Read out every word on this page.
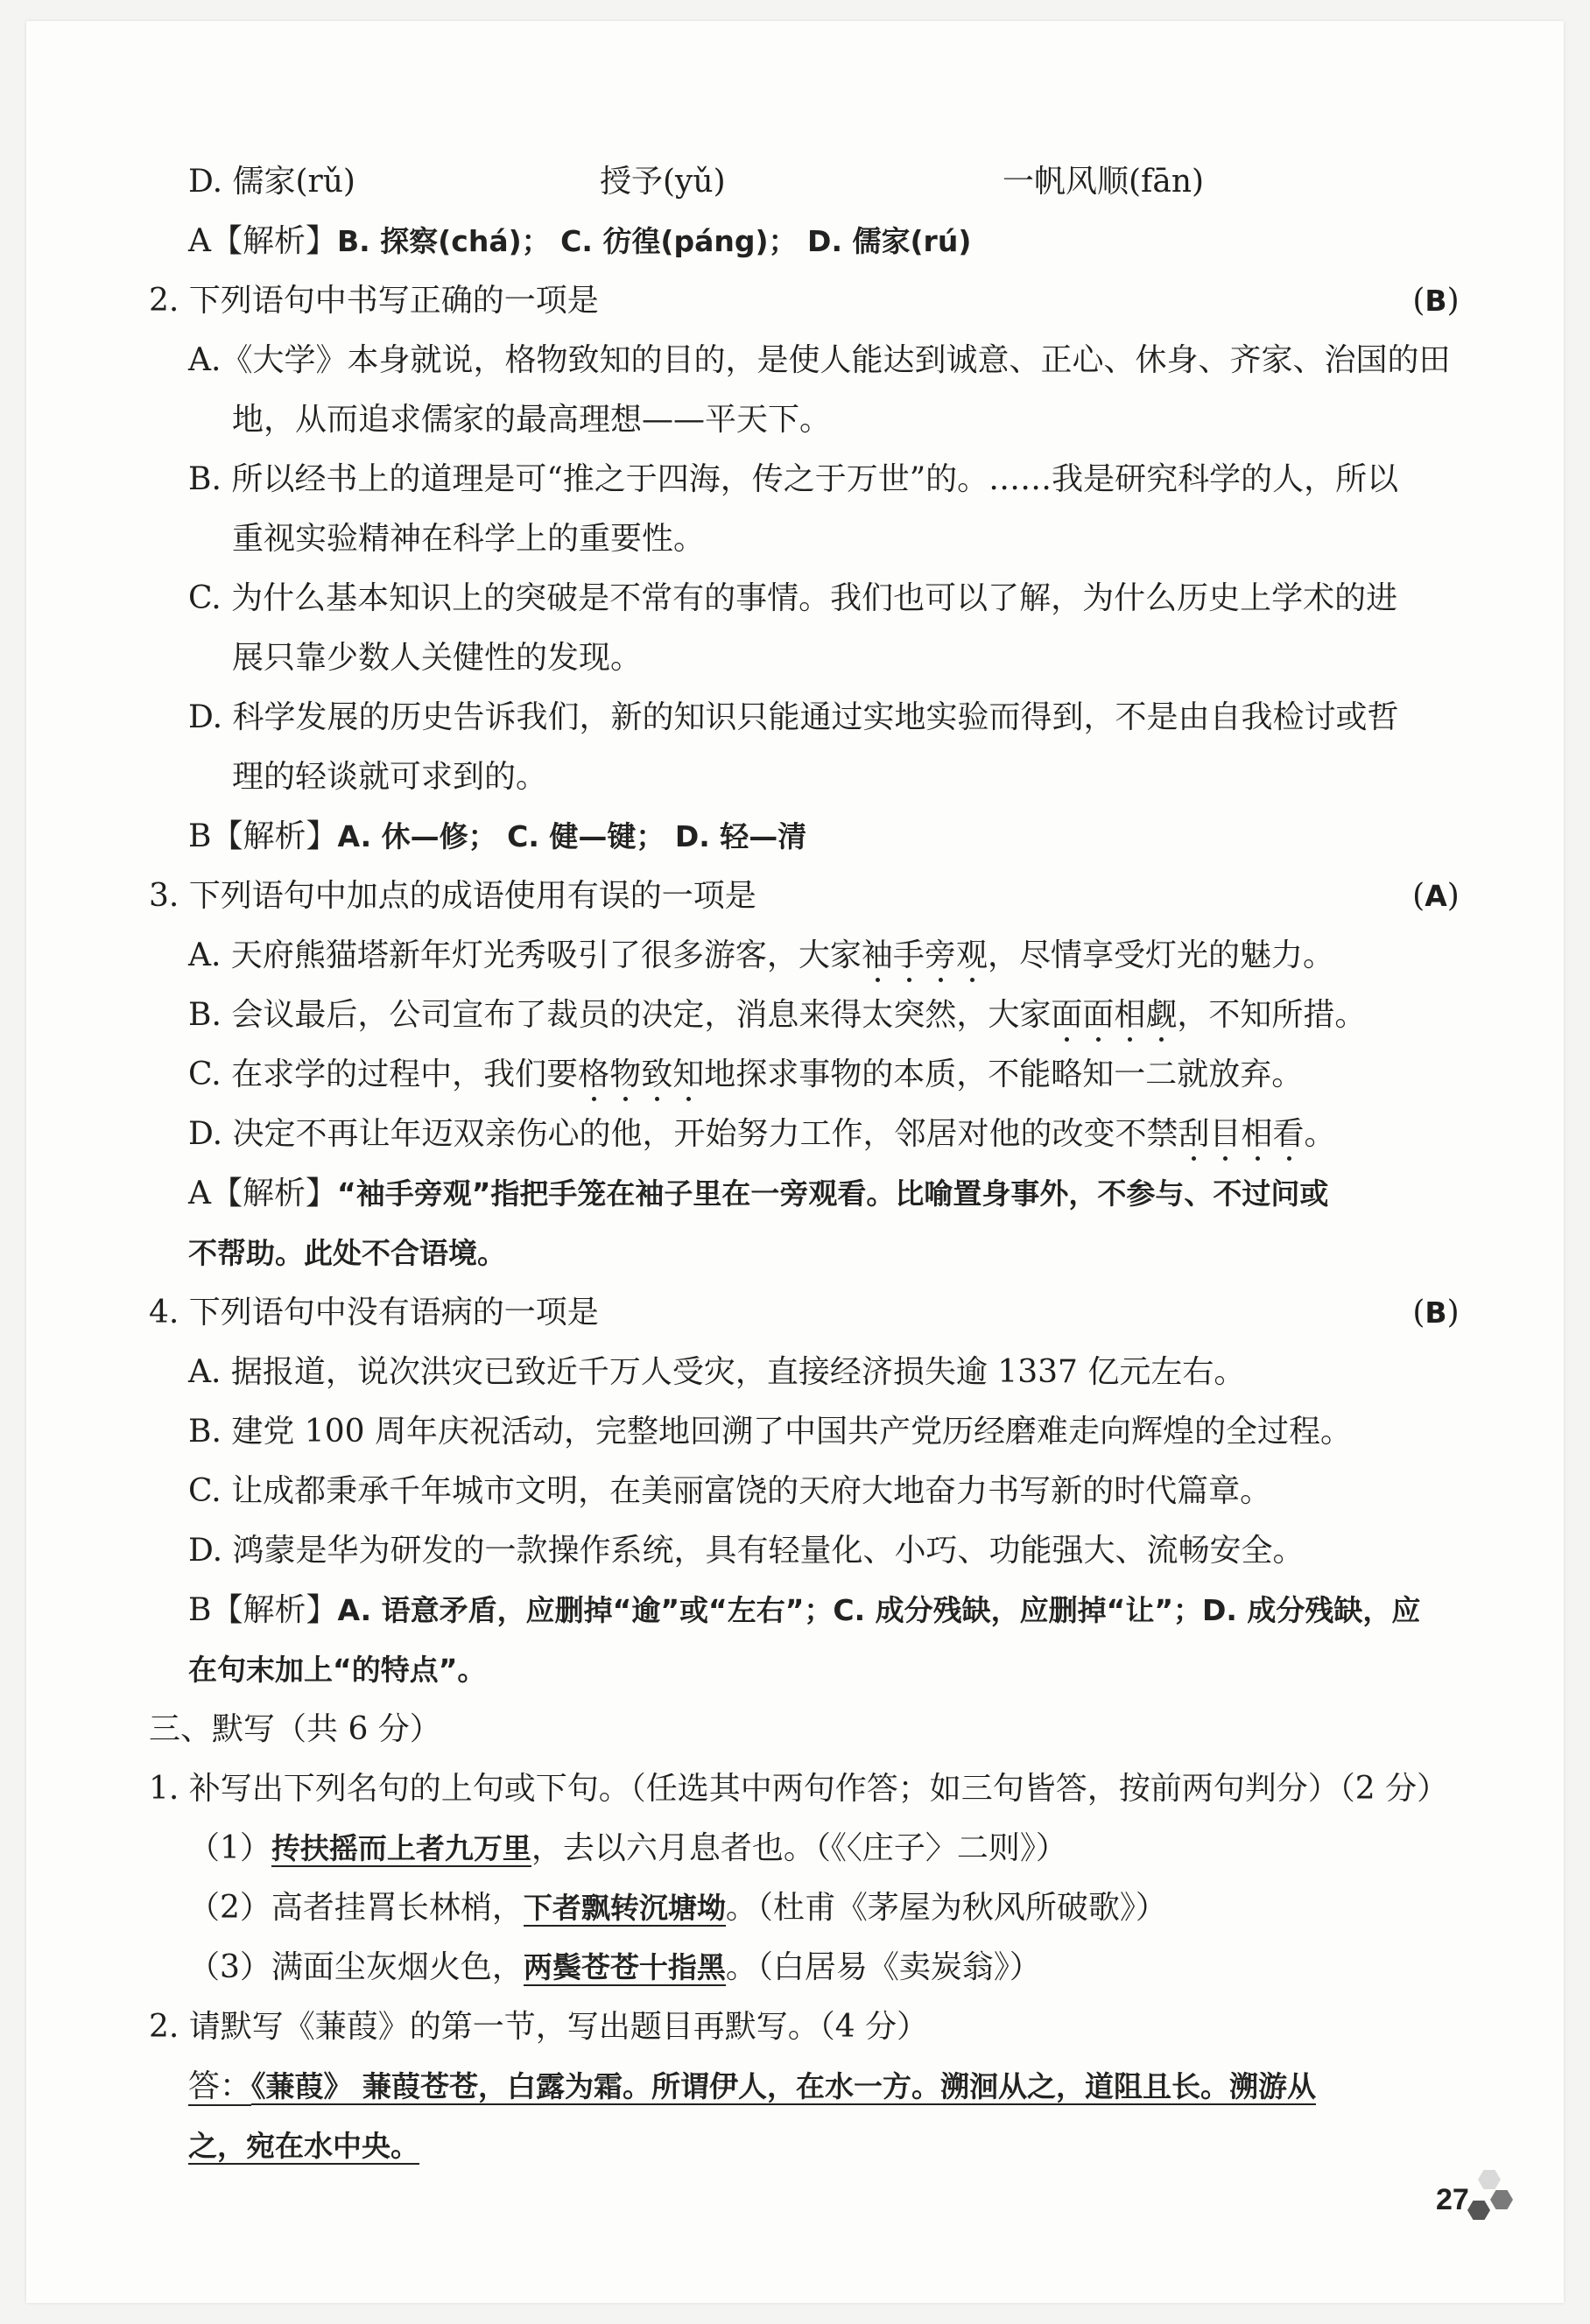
D. 儒家(rǔ)	授予(yǔ)	一帆风顺(fān)
A【解析】B. 探察(chá)； C. 彷徨(páng)； D. 儒家(rú)
2. 下列语句中书写正确的一项是	(B)
A.《大学》本身就说，格物致知的目的，是使人能达到诚意、正心、休身、齐家、治国的田
地，从而追求儒家的最高理想——平天下。
B. 所以经书上的道理是可“推之于四海，传之于万世”的。……我是研究科学的人，所以
重视实验精神在科学上的重要性。
C. 为什么基本知识上的突破是不常有的事情。我们也可以了解，为什么历史上学术的进
展只靠少数人关健性的发现。
D. 科学发展的历史告诉我们，新的知识只能通过实地实验而得到，不是由自我检讨或哲
理的轻谈就可求到的。
B【解析】A. 休—修； C. 健—键； D. 轻—清
3. 下列语句中加点的成语使用有误的一项是	(A)
A. 天府熊猫塔新年灯光秀吸引了很多游客，大家袖手旁观，尽情享受灯光的魅力。
B. 会议最后，公司宣布了裁员的决定，消息来得太突然，大家面面相觑，不知所措。
C. 在求学的过程中，我们要格物致知地探求事物的本质，不能略知一二就放弃。
D. 决定不再让年迈双亲伤心的他，开始努力工作，邻居对他的改变不禁刮目相看。
A【解析】“袖手旁观”指把手笼在袖子里在一旁观看。比喻置身事外，不参与、不过问或
不帮助。此处不合语境。
4. 下列语句中没有语病的一项是	(B)
A. 据报道，说次洪灾已致近千万人受灾，直接经济损失逾 1337 亿元左右。
B. 建党 100 周年庆祝活动，完整地回溯了中国共产党历经磨难走向辉煌的全过程。
C. 让成都秉承千年城市文明，在美丽富饶的天府大地奋力书写新的时代篇章。
D. 鸿蒙是华为研发的一款操作系统，具有轻量化、小巧、功能强大、流畅安全。
B【解析】A. 语意矛盾，应删掉“逾”或“左右”；C. 成分残缺，应删掉“让”；D. 成分残缺，应
在句末加上“的特点”。
三、默写（共 6 分）
1. 补写出下列名句的上句或下句。（任选其中两句作答；如三句皆答，按前两句判分）（2 分）
（1）抟扶摇而上者九万里，去以六月息者也。（《〈庄子〉二则》）
（2）高者挂罥长林梢，下者飘转沉塘坳。（杜甫《茅屋为秋风所破歌》）
（3）满面尘灰烟火色，两鬓苍苍十指黑。（白居易《卖炭翁》）
2. 请默写《蒹葭》的第一节，写出题目再默写。（4 分）
答：《蒹葭》 蒹葭苍苍，白露为霜。所谓伊人，在水一方。溯洄从之，道阻且长。溯游从
之，宛在水中央。
27
